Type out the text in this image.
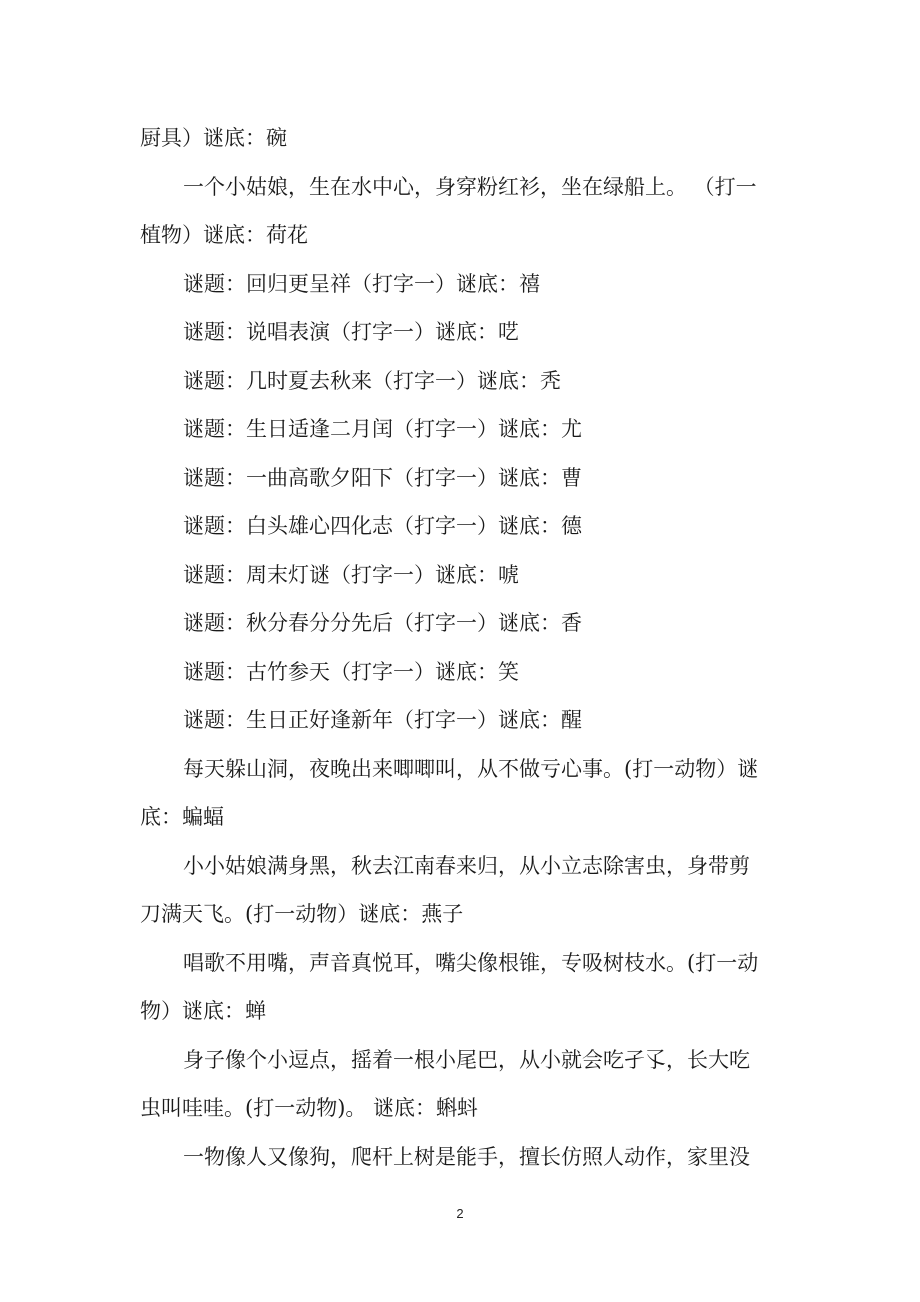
厨具）谜底：碗
一个小姑娘，生在水中心，身穿粉红衫，坐在绿船上。 （打一
植物）谜底：荷花
谜题：回归更呈祥（打字一）谜底：禧
谜题：说唱表演（打字一）谜底：呓
谜题：几时夏去秋来（打字一）谜底：秃
谜题：生日适逢二月闰（打字一）谜底：尤
谜题：一曲高歌夕阳下（打字一）谜底：曹
谜题：白头雄心四化志（打字一）谜底：德
谜题：周末灯谜（打字一）谜底：唬
谜题：秋分春分分先后（打字一）谜底：香
谜题：古竹参天（打字一）谜底：笑
谜题：生日正好逢新年（打字一）谜底：醒
每天躲山洞，夜晚出来唧唧叫，从不做亏心事。(打一动物）谜
底：蝙蝠
小小姑娘满身黑，秋去江南春来归，从小立志除害虫，身带剪
刀满天飞。(打一动物）谜底：燕子
唱歌不用嘴，声音真悦耳，嘴尖像根锥，专吸树枝水。(打一动
物）谜底：蝉
身子像个小逗点，摇着一根小尾巴，从小就会吃孑孓，长大吃
虫叫哇哇。(打一动物)。 谜底：蝌蚪
一物像人又像狗，爬杆上树是能手，擅长仿照人动作，家里没
2
